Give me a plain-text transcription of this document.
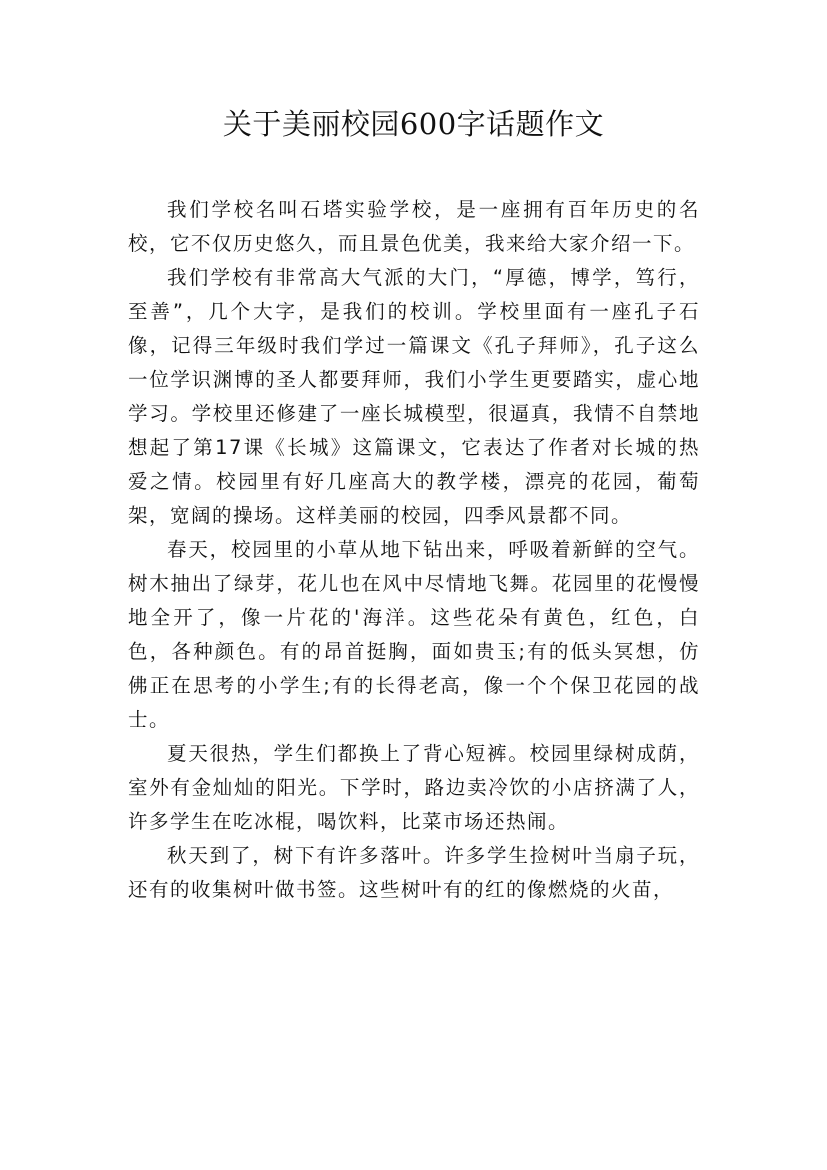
关于美丽校园600字话题作文

我们学校名叫石塔实验学校，是一座拥有百年历史的名校，它不仅历史悠久，而且景色优美，我来给大家介绍一下。

我们学校有非常高大气派的大门，“厚德，博学，笃行，至善”，几个大字，是我们的校训。学校里面有一座孔子石像，记得三年级时我们学过一篇课文《孔子拜师》，孔子这么一位学识渊博的圣人都要拜师，我们小学生更要踏实，虚心地学习。学校里还修建了一座长城模型，很逼真，我情不自禁地想起了第17课《长城》这篇课文，它表达了作者对长城的热爱之情。校园里有好几座高大的教学楼，漂亮的花园，葡萄架，宽阔的操场。这样美丽的校园，四季风景都不同。

春天，校园里的小草从地下钻出来，呼吸着新鲜的空气。树木抽出了绿芽，花儿也在风中尽情地飞舞。花园里的花慢慢地全开了，像一片花的'海洋。这些花朵有黄色，红色，白色，各种颜色。有的昂首挺胸，面如贵玉;有的低头冥想，仿佛正在思考的小学生;有的长得老高，像一个个保卫花园的战士。

夏天很热，学生们都换上了背心短裤。校园里绿树成荫，室外有金灿灿的阳光。下学时，路边卖冷饮的小店挤满了人，许多学生在吃冰棍，喝饮料，比菜市场还热闹。

秋天到了，树下有许多落叶。许多学生捡树叶当扇子玩，还有的收集树叶做书签。这些树叶有的红的像燃烧的火苗，
